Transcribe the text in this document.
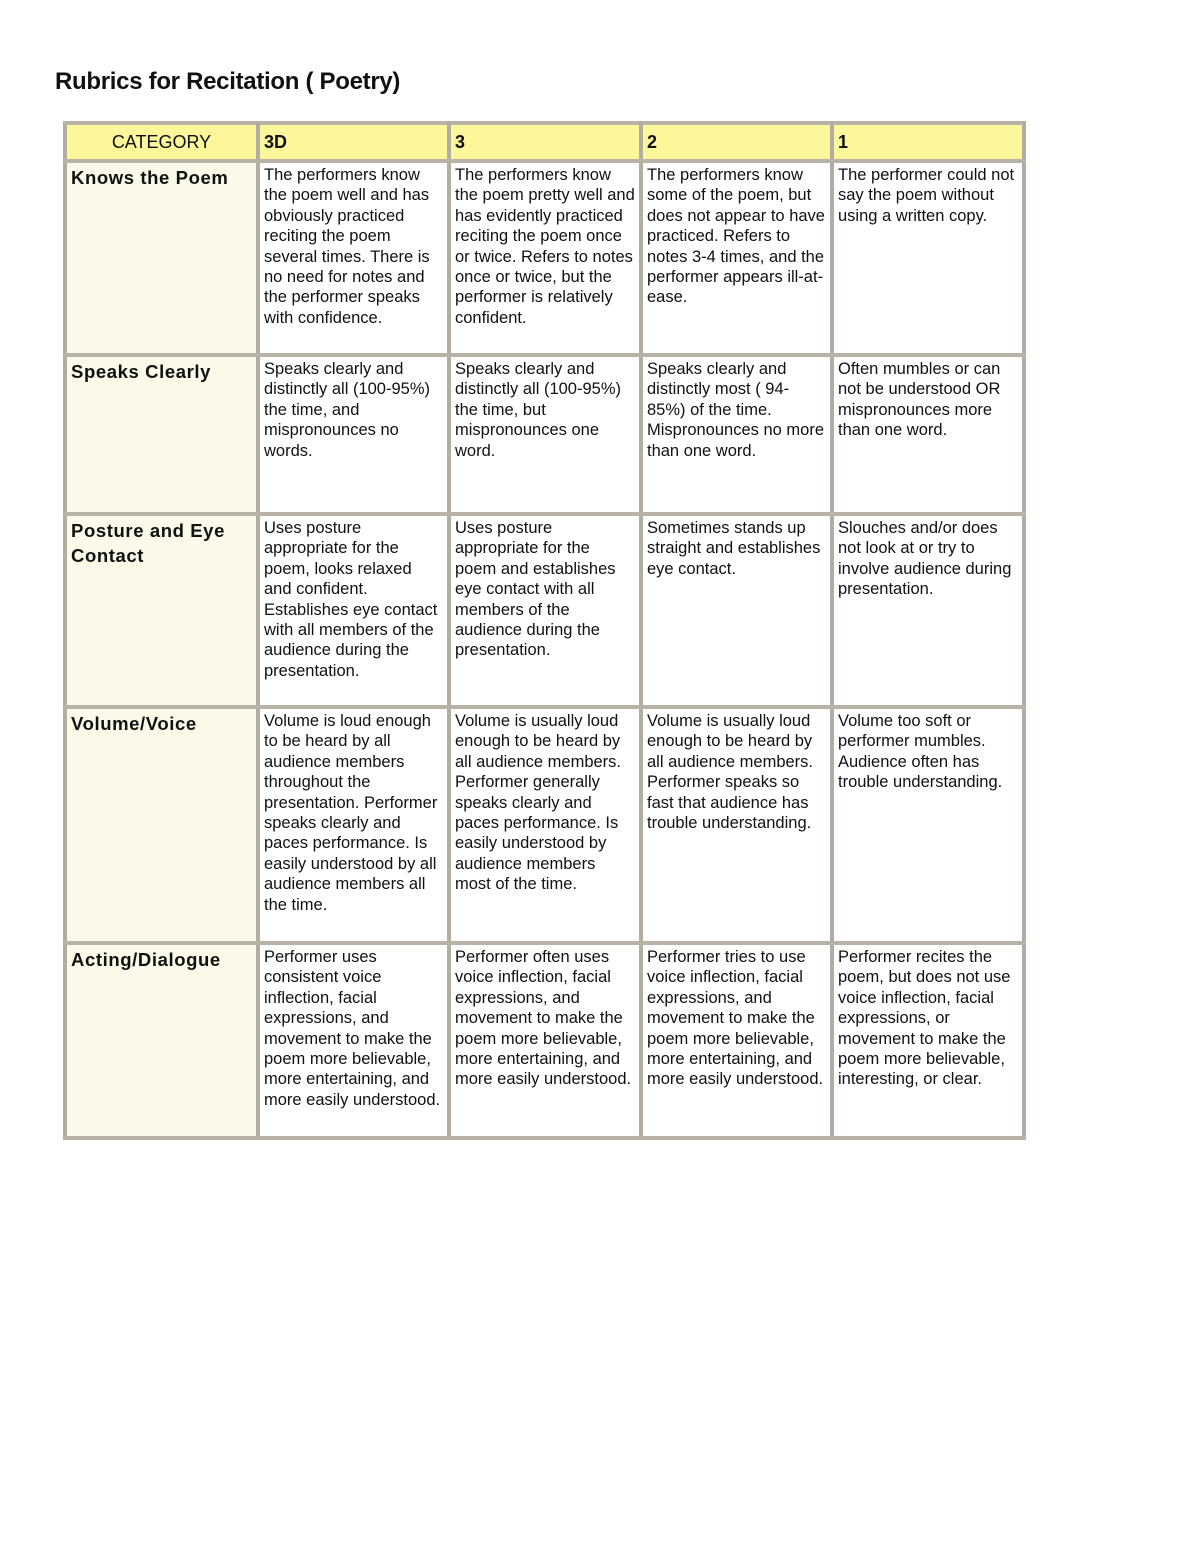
Rubrics for Recitation ( Poetry)
CATEGORY	3D	3	2	1
Knows the Poem	The performers know the poem well and has obviously practiced reciting the poem several times. There is no need for notes and the performer speaks with confidence.	The performers know the poem pretty well and has evidently practiced reciting the poem once or twice. Refers to notes once or twice, but the performer is relatively confident.	The performers know some of the poem, but does not appear to have practiced. Refers to notes 3-4 times, and the performer appears ill-at-ease.	The performer could not say the poem without using a written copy.
Speaks Clearly	Speaks clearly and distinctly all (100-95%) the time, and mispronounces no words.	Speaks clearly and distinctly all (100-95%) the time, but mispronounces one word.	Speaks clearly and distinctly most ( 94-85%) of the time. Mispronounces no more than one word.	Often mumbles or can not be understood OR mispronounces more than one word.
Posture and Eye Contact	Uses posture appropriate for the poem, looks relaxed and confident. Establishes eye contact with all members of the audience during the presentation.	Uses posture appropriate for the poem and establishes eye contact with all members of the audience during the presentation.	Sometimes stands up straight and establishes eye contact.	Slouches and/or does not look at or try to involve audience during presentation.
Volume/Voice	Volume is loud enough to be heard by all audience members throughout the presentation. Performer speaks clearly and paces performance. Is easily understood by all audience members all the time.	Volume is usually loud enough to be heard by all audience members. Performer generally speaks clearly and paces performance. Is easily understood by audience members most of the time.	Volume is usually loud enough to be heard by all audience members. Performer speaks so fast that audience has trouble understanding.	Volume too soft or performer mumbles. Audience often has trouble understanding.
Acting/Dialogue	Performer uses consistent voice inflection, facial expressions, and movement to make the poem more believable, more entertaining, and more easily understood.	Performer often uses voice inflection, facial expressions, and movement to make the poem more believable, more entertaining, and more easily understood.	Performer tries to use voice inflection, facial expressions, and movement to make the poem more believable, more entertaining, and more easily understood.	Performer recites the poem, but does not use voice inflection, facial expressions, or movement to make the poem more believable, interesting, or clear.
